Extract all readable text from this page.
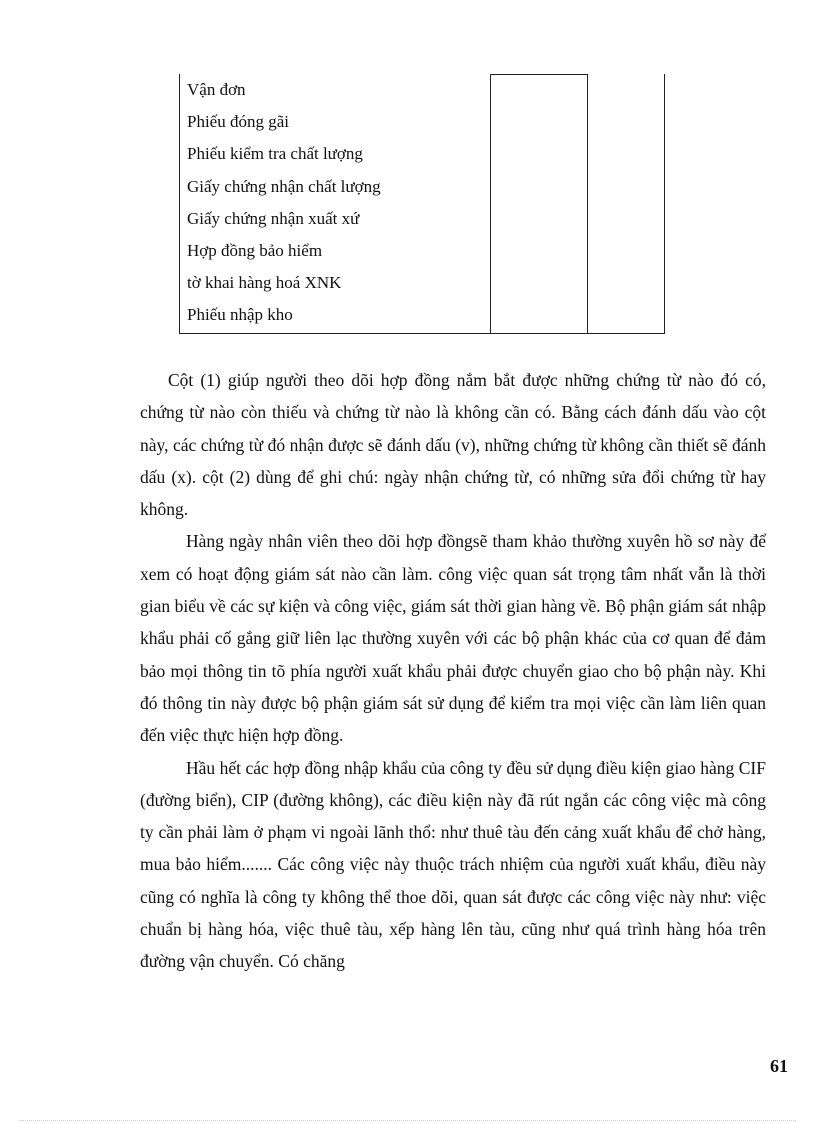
Vận đơn
Phiếu đóng gãi
Phiếu kiểm tra chất lượng
Giấy chứng nhận chất lượng
Giấy chứng nhận xuất xứ
Hợp đồng bảo hiểm
tờ khai hàng hoá XNK
Phiếu nhập kho

Cột (1) giúp người theo dõi hợp đồng nắm bắt được những chứng từ nào đó có, chứng từ nào còn thiếu và chứng từ nào là không cần có. Bằng cách đánh dấu vào cột này, các chứng từ đó nhận được sẽ đánh dấu (v), những chứng từ không cần thiết sẽ đánh dấu (x). cột (2) dùng để ghi chú: ngày nhận chứng từ, có những sửa đổi chứng từ hay không.

Hàng ngày nhân viên theo dõi hợp đồngsẽ tham khảo thường xuyên hồ sơ này để xem có hoạt động giám sát nào cần làm. công việc quan sát trọng tâm nhất vẫn là thời gian biểu về các sự kiện và công việc, giám sát thời gian hàng về. Bộ phận giám sát nhập khẩu phải cố gắng giữ liên lạc thường xuyên với các bộ phận khác của cơ quan để đảm bảo mọi thông tin tõ phía người xuất khẩu phải được chuyển giao cho bộ phận này. Khi đó thông tin này được bộ phận giám sát sử dụng để kiểm tra mọi việc cần làm liên quan đến việc thực hiện hợp đồng.

Hầu hết các hợp đồng nhập khẩu của công ty đều sử dụng điều kiện giao hàng CIF (đường biển), CIP (đường không), các điều kiện này đã rút ngắn các công việc mà công ty cần phải làm ở phạm vi ngoài lãnh thổ: như thuê tàu đến cảng xuất khẩu để chở hàng, mua bảo hiểm....... Các công việc này thuộc trách nhiệm của người xuất khẩu, điều này cũng có nghĩa là công ty không thể thoe dõi, quan sát được các công việc này như: việc chuẩn bị hàng hóa, việc thuê tàu, xếp hàng lên tàu, cũng như quá trình hàng hóa trên đường vận chuyển. Có chăng

61
